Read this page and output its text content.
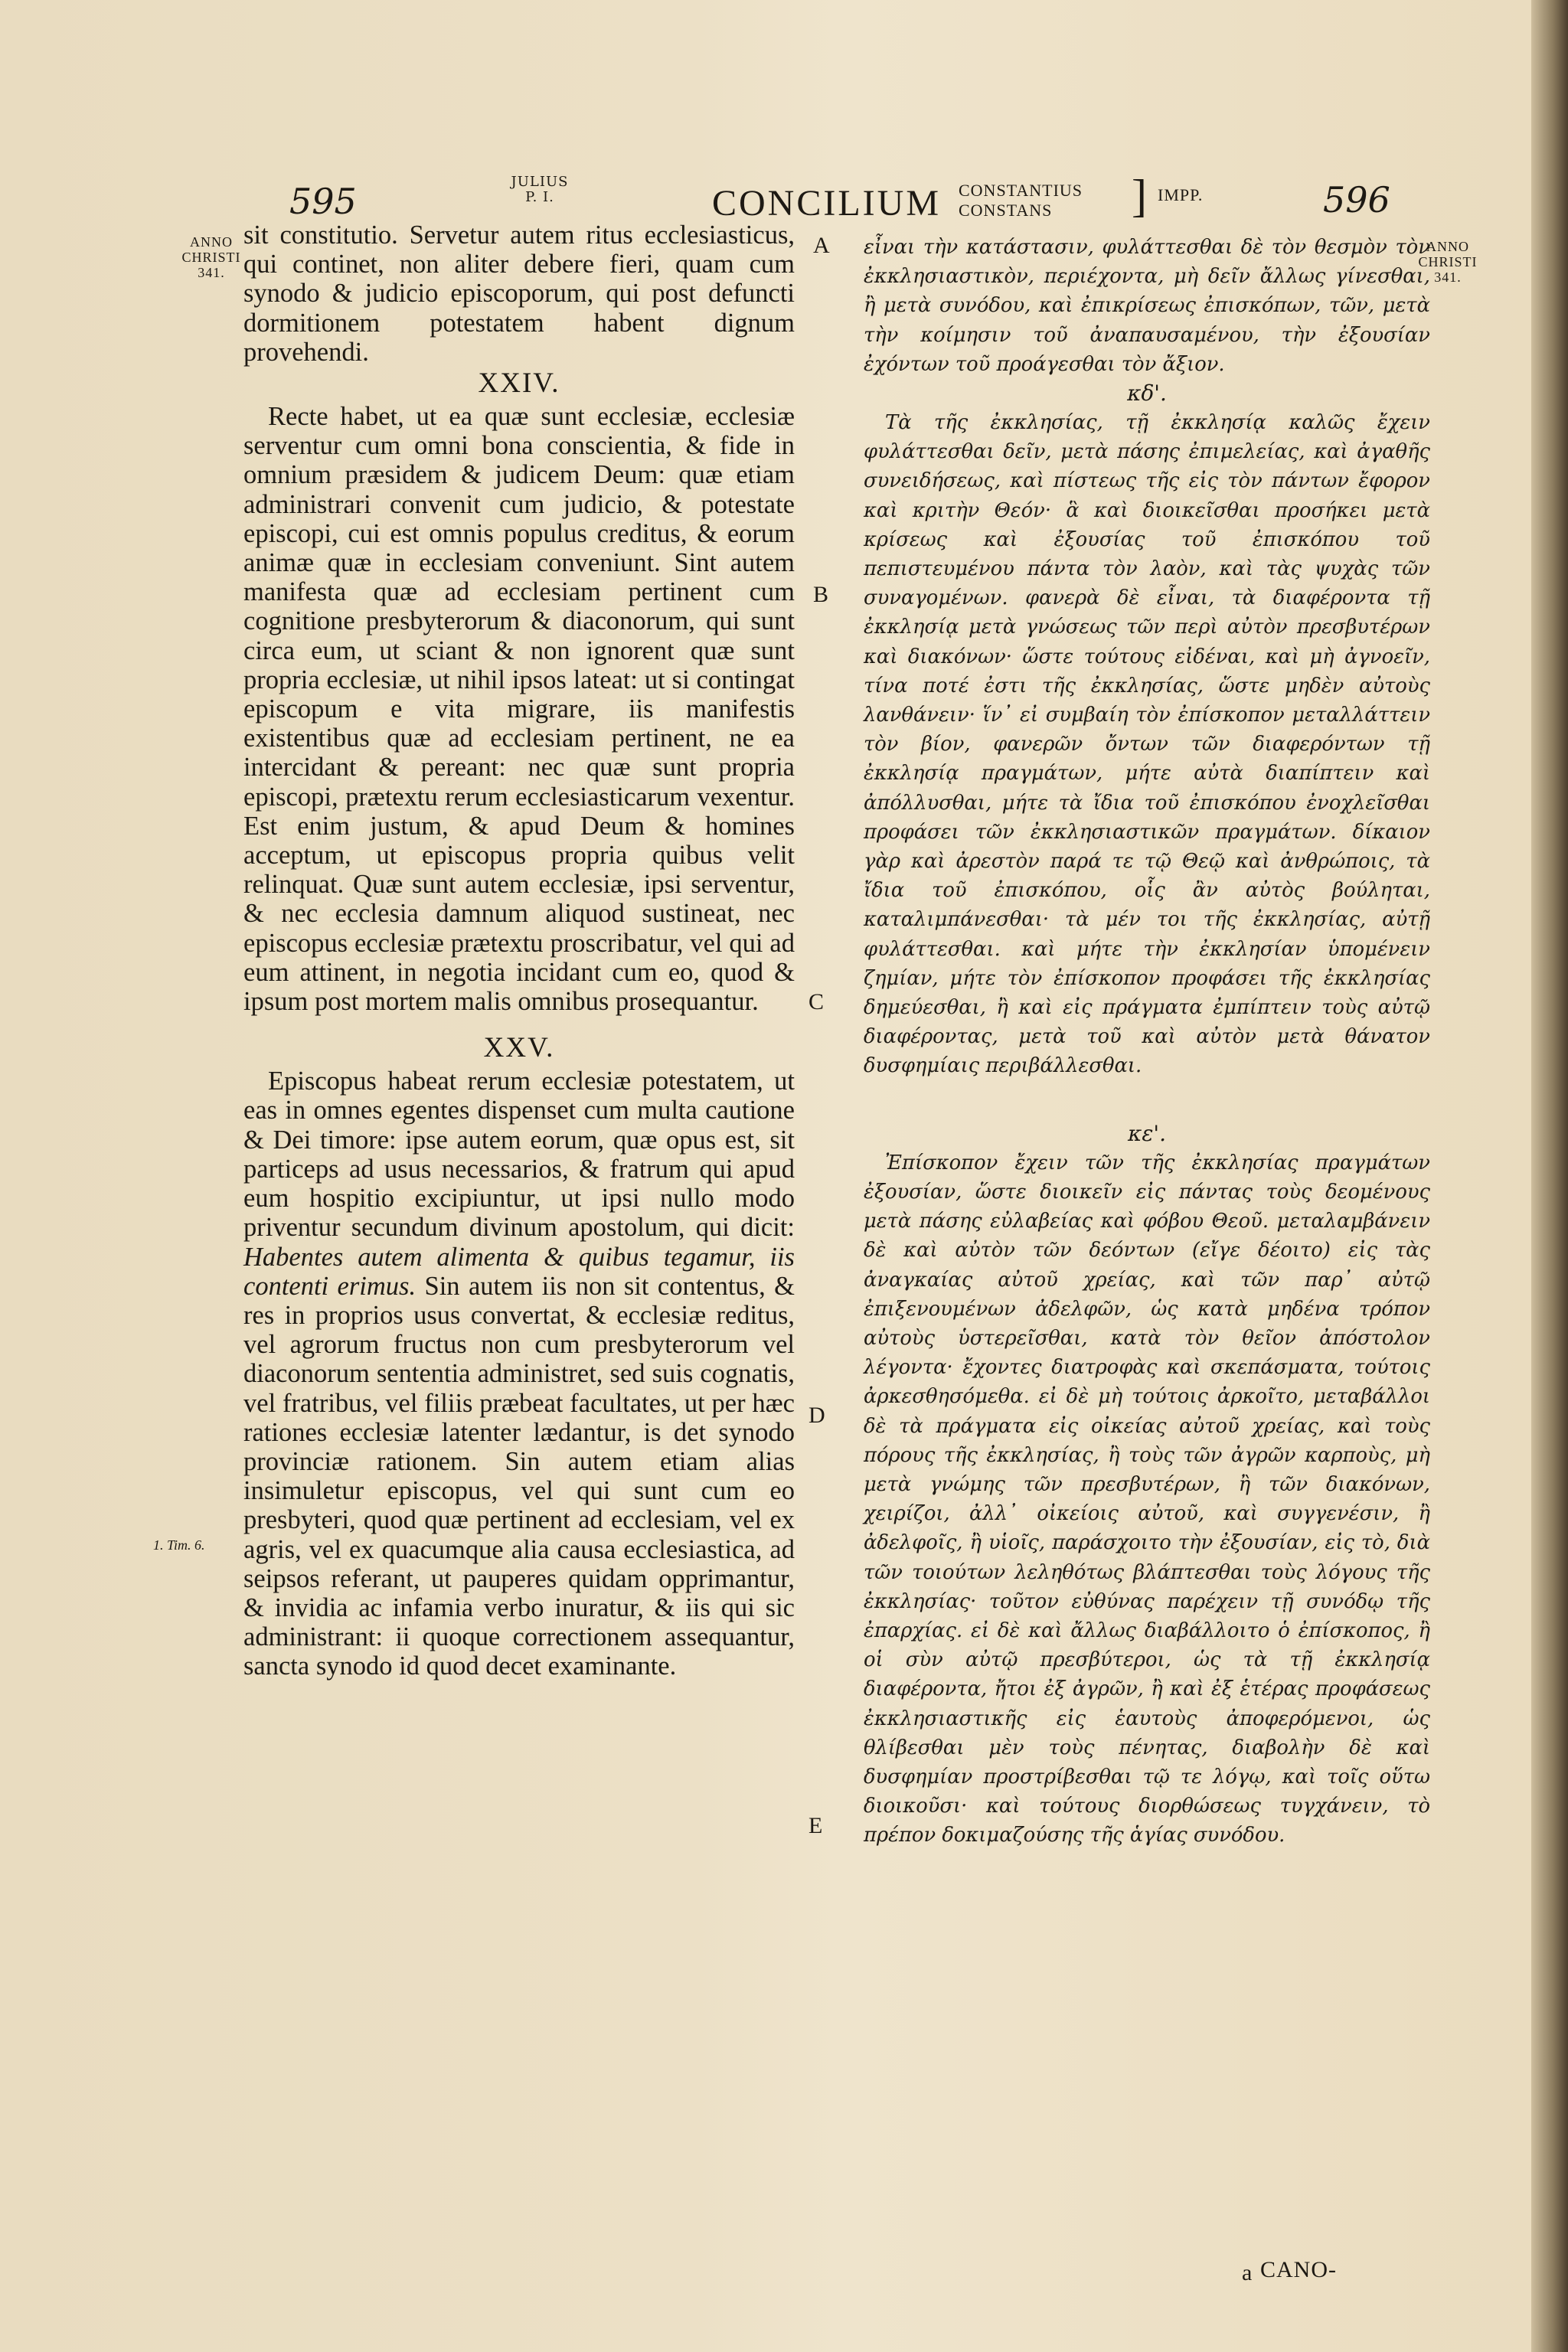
595	JULIUS
P. I.	CONCILIUM CONSTANTIUS
CONSTANS	] IMPP.	596
ANNO
CHRISTI
341.
ANNO
CHRISTI
341.
A
B
C
D
E
1. Tim. 6.
sit constitutio. Servetur autem ritus ecclesiasticus, qui continet, non aliter debere fieri, quam cum synodo & judicio episcoporum, qui post defuncti dormitionem potestatem habent dignum provehendi.
XXIV.
Recte habet, ut ea quæ sunt ecclesiæ, ecclesiæ serventur cum omni bona conscientia, & fide in omnium præsidem & judicem Deum: quæ etiam administrari convenit cum judicio, & potestate episcopi, cui est omnis populus creditus, & eorum animæ quæ in ecclesiam conveniunt. Sint autem manifesta quæ ad ecclesiam pertinent cum cognitione presbyterorum & diaconorum, qui sunt circa eum, ut sciant & non ignorent quæ sunt propria ecclesiæ, ut nihil ipsos lateat: ut si contingat episcopum e vita migrare, iis manifestis existentibus quæ ad ecclesiam pertinent, ne ea intercidant & pereant: nec quæ sunt propria episcopi, prætextu rerum ecclesiasticarum vexentur. Est enim justum, & apud Deum & homines acceptum, ut episcopus propria quibus velit relinquat. Quæ sunt autem ecclesiæ, ipsi serventur, & nec ecclesia damnum aliquod sustineat, nec episcopus ecclesiæ prætextu proscribatur, vel qui ad eum attinent, in negotia incidant cum eo, quod & ipsum post mortem malis omnibus prosequantur.
XXV.
Episcopus habeat rerum ecclesiæ potestatem, ut eas in omnes egentes dispenset cum multa cautione & Dei timore: ipse autem eorum, quæ opus est, sit particeps ad usus necessarios, & fratrum qui apud eum hospitio excipiuntur, ut ipsi nullo modo priventur secundum divinum apostolum, qui dicit: Habentes autem alimenta & quibus tegamur, iis contenti erimus. Sin autem iis non sit contentus, & res in proprios usus convertat, & ecclesiæ reditus, vel agrorum fructus non cum presbyterorum vel diaconorum sententia administret, sed suis cognatis, vel fratribus, vel filiis præbeat facultates, ut per hæc rationes ecclesiæ latenter lædantur, is det synodo provinciæ rationem. Sin autem etiam alias insimuletur episcopus, vel qui sunt cum eo presbyteri, quod quæ pertinent ad ecclesiam, vel ex agris, vel ex quacumque alia causa ecclesiastica, ad seipsos referant, ut pauperes quidam opprimantur, & invidia ac infamia verbo inuratur, & iis qui sic administrant: ii quoque correctionem assequantur, sancta synodo id quod decet examinante.
εἶναι τὴν κατάστασιν, φυλάττεσθαι δὲ τὸν θεσμὸν τὸν ἐκκλησιαστικὸν, περιέχοντα, μὴ δεῖν ἄλλως γίνεσθαι, ἢ μετὰ συνόδου, καὶ ἐπικρίσεως ἐπισκόπων, τῶν, μετὰ τὴν κοίμησιν τοῦ ἀναπαυσαμένου, τὴν ἐξουσίαν ἐχόντων τοῦ προάγεσθαι τὸν ἄξιον.
κδ'.
Τὰ τῆς ἐκκλησίας, τῇ ἐκκλησίᾳ καλῶς ἔχειν φυλάττεσθαι δεῖν, μετὰ πάσης ἐπιμελείας, καὶ ἀγαθῆς συνειδήσεως, καὶ πίστεως τῆς εἰς τὸν πάντων ἔφορον καὶ κριτὴν Θεόν· ἃ καὶ διοικεῖσθαι προσήκει μετὰ κρίσεως καὶ ἐξουσίας τοῦ ἐπισκόπου τοῦ πεπιστευμένου πάντα τὸν λαὸν, καὶ τὰς ψυχὰς τῶν συναγομένων. φανερὰ δὲ εἶναι, τὰ διαφέροντα τῇ ἐκκλησίᾳ μετὰ γνώσεως τῶν περὶ αὐτὸν πρεσβυτέρων καὶ διακόνων· ὥστε τούτους εἰδέναι, καὶ μὴ ἀγνοεῖν, τίνα ποτέ ἐστι τῆς ἐκκλησίας, ὥστε μηδὲν αὐτοὺς λανθάνειν· ἵν᾽ εἰ συμβαίη τὸν ἐπίσκοπον μεταλλάττειν τὸν βίον, φανερῶν ὄντων τῶν διαφερόντων τῇ ἐκκλησίᾳ πραγμάτων, μήτε αὐτὰ διαπίπτειν καὶ ἀπόλλυσθαι, μήτε τὰ ἴδια τοῦ ἐπισκόπου ἐνοχλεῖσθαι προφάσει τῶν ἐκκλησιαστικῶν πραγμάτων. δίκαιον γὰρ καὶ ἀρεστὸν παρά τε τῷ Θεῷ καὶ ἀνθρώποις, τὰ ἴδια τοῦ ἐπισκόπου, οἷς ἂν αὐτὸς βούληται, καταλιμπάνεσθαι· τὰ μέν τοι τῆς ἐκκλησίας, αὐτῇ φυλάττεσθαι. καὶ μήτε τὴν ἐκκλησίαν ὑπομένειν ζημίαν, μήτε τὸν ἐπίσκοπον προφάσει τῆς ἐκκλησίας δημεύεσθαι, ἢ καὶ εἰς πράγματα ἐμπίπτειν τοὺς αὐτῷ διαφέροντας, μετὰ τοῦ καὶ αὐτὸν μετὰ θάνατον δυσφημίαις περιβάλλεσθαι.
κε'.
Ἐπίσκοπον ἔχειν τῶν τῆς ἐκκλησίας πραγμάτων ἐξουσίαν, ὥστε διοικεῖν εἰς πάντας τοὺς δεομένους μετὰ πάσης εὐλαβείας καὶ φόβου Θεοῦ. μεταλαμβάνειν δὲ καὶ αὐτὸν τῶν δεόντων (εἴγε δέοιτο) εἰς τὰς ἀναγκαίας αὐτοῦ χρείας, καὶ τῶν παρ᾽ αὐτῷ ἐπιξενουμένων ἀδελφῶν, ὡς κατὰ μηδένα τρόπον αὐτοὺς ὑστερεῖσθαι, κατὰ τὸν θεῖον ἀπόστολον λέγοντα· ἔχοντες διατροφὰς καὶ σκεπάσματα, τούτοις ἀρκεσθησόμεθα. εἰ δὲ μὴ τούτοις ἀρκοῖτο, μεταβάλλοι δὲ τὰ πράγματα εἰς οἰκείας αὐτοῦ χρείας, καὶ τοὺς πόρους τῆς ἐκκλησίας, ἢ τοὺς τῶν ἀγρῶν καρποὺς, μὴ μετὰ γνώμης τῶν πρεσβυτέρων, ἢ τῶν διακόνων, χειρίζοι, ἀλλ᾽ οἰκείοις αὐτοῦ, καὶ συγγενέσιν, ἢ ἀδελφοῖς, ἢ υἱοῖς, παράσχοιτο τὴν ἐξουσίαν, εἰς τὸ, διὰ τῶν τοιούτων λεληθότως βλάπτεσθαι τοὺς λόγους τῆς ἐκκλησίας· τοῦτον εὐθύνας παρέχειν τῇ συνόδῳ τῆς ἐπαρχίας. εἰ δὲ καὶ ἄλλως διαβάλλοιτο ὁ ἐπίσκοπος, ἢ οἱ σὺν αὐτῷ πρεσβύτεροι, ὡς τὰ τῇ ἐκκλησίᾳ διαφέροντα, ἤτοι ἐξ ἀγρῶν, ἢ καὶ ἐξ ἑτέρας προφάσεως ἐκκλησιαστικῆς εἰς ἑαυτοὺς ἀποφερόμενοι, ὡς θλίβεσθαι μὲν τοὺς πένητας, διαβολὴν δὲ καὶ δυσφημίαν προστρίβεσθαι τῷ τε λόγῳ, καὶ τοῖς οὕτω διοικοῦσι· καὶ τούτους διορθώσεως τυγχάνειν, τὸ πρέπον δοκιμαζούσης τῆς ἁγίας συνόδου.
a CANO-
